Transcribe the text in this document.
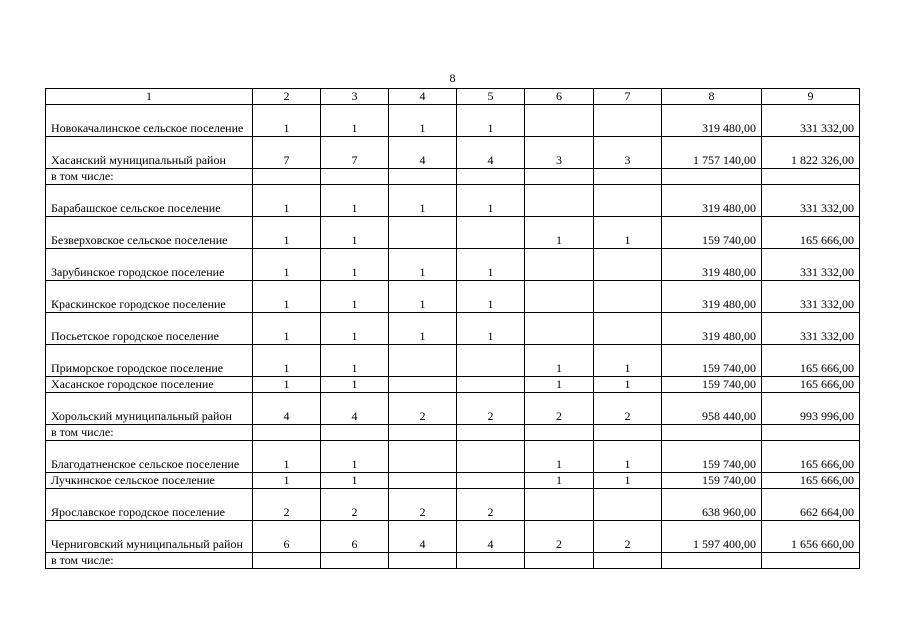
8
1	2	3	4	5	6	7	8	9
Новокачалинское сельское поселение	1	1	1	1			319 480,00	331 332,00
Хасанский муниципальный район	7	7	4	4	3	3	1 757 140,00	1 822 326,00
в том числе:								
Барабашское сельское поселение	1	1	1	1			319 480,00	331 332,00
Безверховское сельское поселение	1	1			1	1	159 740,00	165 666,00
Зарубинское городское поселение	1	1	1	1			319 480,00	331 332,00
Краскинское городское поселение	1	1	1	1			319 480,00	331 332,00
Посьетское городское поселение	1	1	1	1			319 480,00	331 332,00
Приморское городское поселение	1	1			1	1	159 740,00	165 666,00
Хасанское городское поселение	1	1			1	1	159 740,00	165 666,00
Хорольский муниципальный район	4	4	2	2	2	2	958 440,00	993 996,00
в том числе:								
Благодатненское сельское поселение	1	1			1	1	159 740,00	165 666,00
Лучкинское сельское поселение	1	1			1	1	159 740,00	165 666,00
Ярославское городское поселение	2	2	2	2			638 960,00	662 664,00
Черниговский муниципальный район	6	6	4	4	2	2	1 597 400,00	1 656 660,00
в том числе:								
